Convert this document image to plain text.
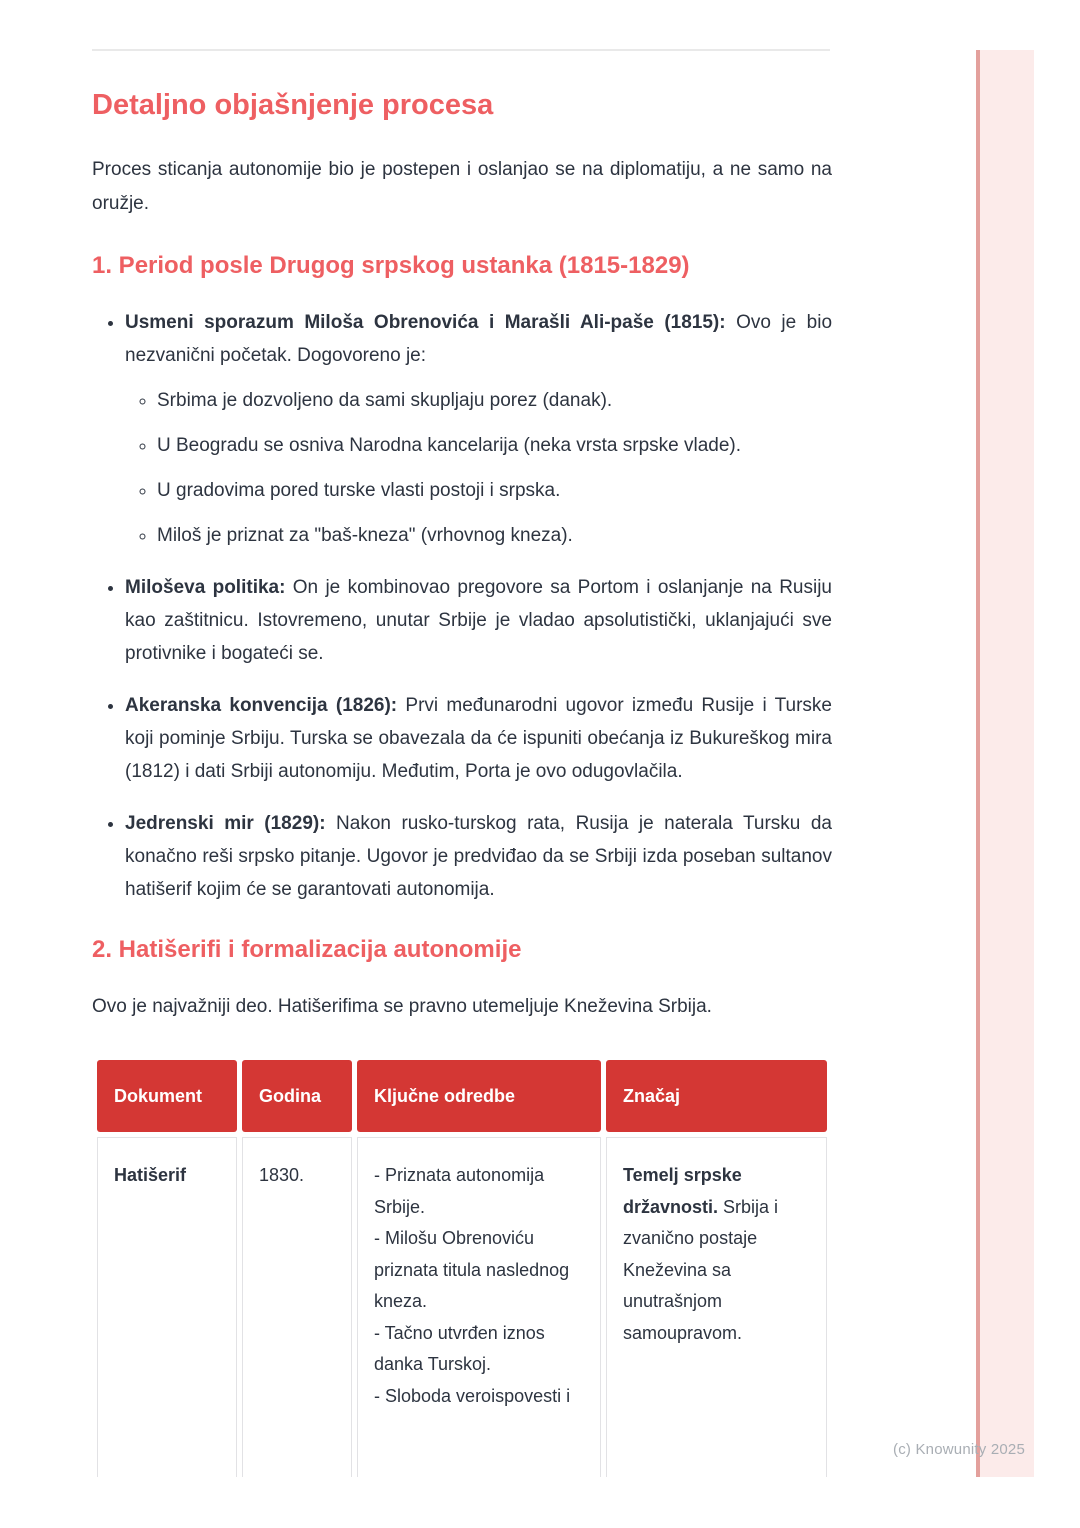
(c) Knowunity 2025
Detaljno objašnjenje procesa

Proces sticanja autonomije bio je postepen i oslanjao se na diplomatiju, a ne samo na oružje.

1. Period posle Drugog srpskog ustanka (1815-1829)
• Usmeni sporazum Miloša Obrenovića i Marašli Ali-paše (1815): Ovo je bio nezvanični početak. Dogovoreno je:
◦ Srbima je dozvoljeno da sami skupljaju porez (danak).
◦ U Beogradu se osniva Narodna kancelarija (neka vrsta srpske vlade).
◦ U gradovima pored turske vlasti postoji i srpska.
◦ Miloš je priznat za "baš-kneza" (vrhovnog kneza).
• Miloševa politika: On je kombinovao pregovore sa Portom i oslanjanje na Rusiju kao zaštitnicu. Istovremeno, unutar Srbije je vladao apsolutistički, uklanjajući sve protivnike i bogateći se.
• Akeranska konvencija (1826): Prvi međunarodni ugovor između Rusije i Turske koji pominje Srbiju. Turska se obavezala da će ispuniti obećanja iz Bukureškog mira (1812) i dati Srbiji autonomiju. Međutim, Porta je ovo odugovlačila.
• Jedrenski mir (1829): Nakon rusko-turskog rata, Rusija je naterala Tursku da konačno reši srpsko pitanje. Ugovor je predviđao da se Srbiji izda poseban sultanov hatišerif kojim će se garantovati autonomija.
2. Hatišerifi i formalizacija autonomije

Ovo je najvažniji deo. Hatišerifima se pravno utemeljuje Kneževina Srbija.

Dokument	Godina	Ključne odredbe	Značaj
Hatišerif	1830.	- Priznata autonomija Srbije.
- Milošu Obrenoviću priznata titula naslednog kneza.
- Tačno utvrđen iznos danka Turskoj.
- Sloboda veroispovesti i	Temelj srpske državnosti. Srbija i zvanično postaje Kneževina sa unutrašnjom samoupravom.
